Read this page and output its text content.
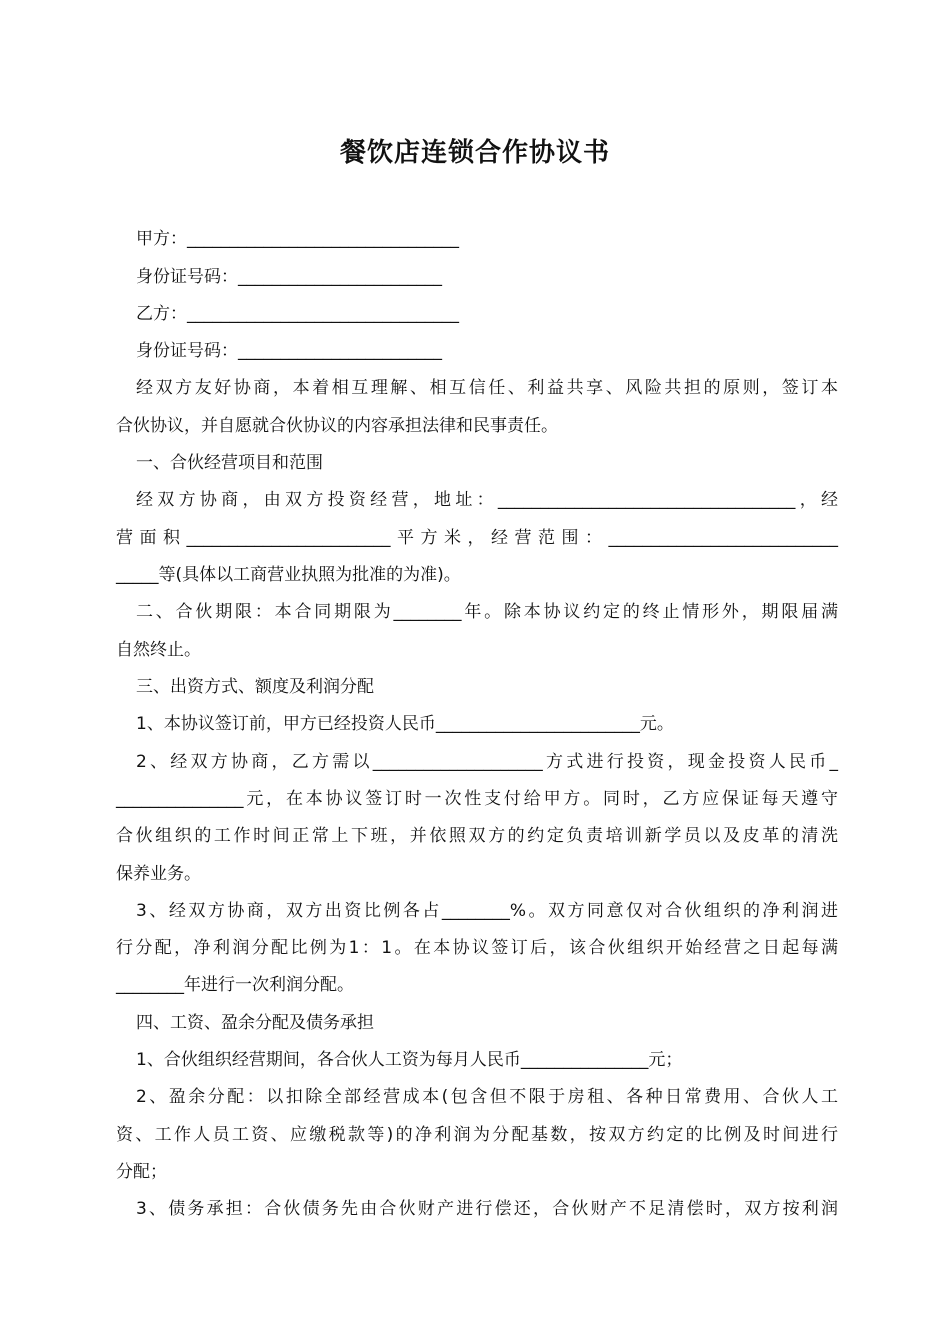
餐饮店连锁合作协议书
甲方：________________________________
身份证号码：________________________
乙方：________________________________
身份证号码：________________________
经双方友好协商，本着相互理解、相互信任、利益共享、风险共担的原则，签订本
合伙协议，并自愿就合伙协议的内容承担法律和民事责任。
一、合伙经营项目和范围
经双方协商，由双方投资经营，地址：___________________________________，经
营面积________________________平方米，经营范围：___________________________
_____等(具体以工商营业执照为批准的为准)。
二、合伙期限：本合同期限为________年。除本协议约定的终止情形外，期限届满
自然终止。
三、出资方式、额度及利润分配
1、本协议签订前，甲方已经投资人民币________________________元。
2、经双方协商，乙方需以____________________方式进行投资，现金投资人民币_
_______________元，在本协议签订时一次性支付给甲方。同时，乙方应保证每天遵守
合伙组织的工作时间正常上下班，并依照双方的约定负责培训新学员以及皮革的清洗
保养业务。
3、经双方协商，双方出资比例各占________%。双方同意仅对合伙组织的净利润进
行分配，净利润分配比例为1：1。在本协议签订后，该合伙组织开始经营之日起每满
________年进行一次利润分配。
四、工资、盈余分配及债务承担
1、合伙组织经营期间，各合伙人工资为每月人民币_______________元；
2、盈余分配：以扣除全部经营成本(包含但不限于房租、各种日常费用、合伙人工
资、工作人员工资、应缴税款等)的净利润为分配基数，按双方约定的比例及时间进行
分配；
3、债务承担：合伙债务先由合伙财产进行偿还，合伙财产不足清偿时，双方按利润
